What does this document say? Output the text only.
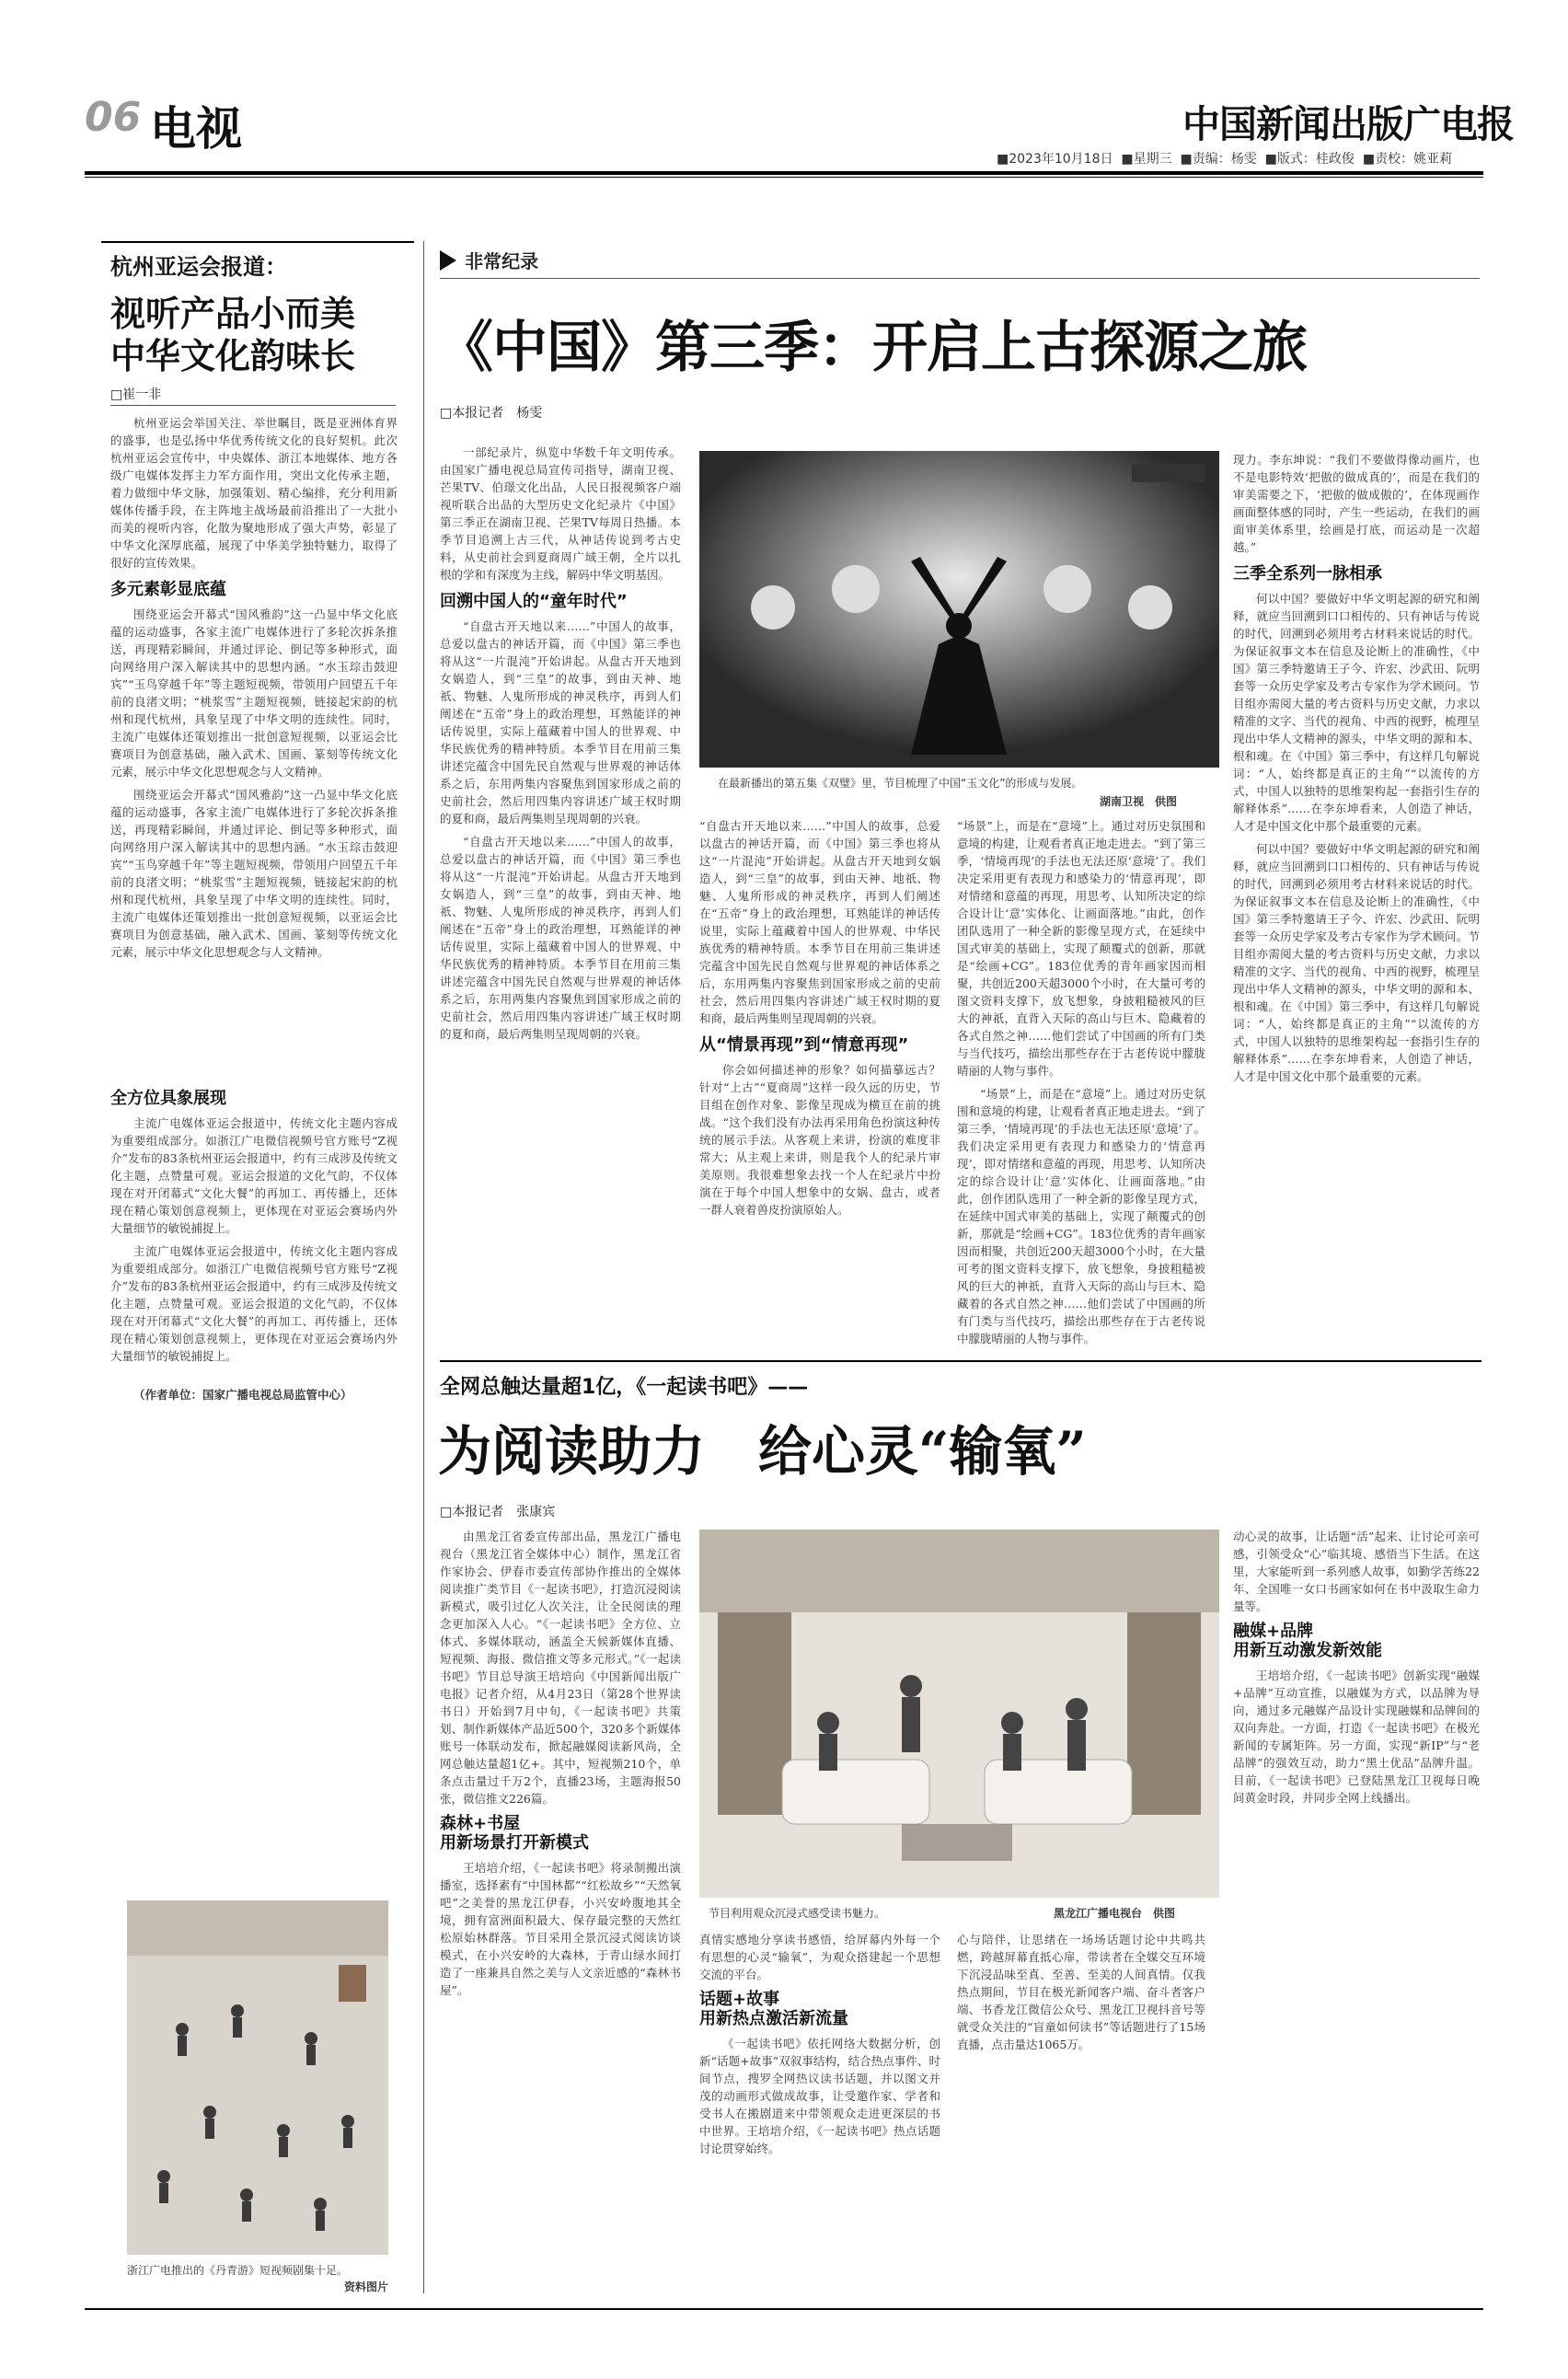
06 电视	中国新闻出版广电报
■2023年10月18日  ■星期三  ■责编：杨雯  ■版式：桂政俊  ■责校：姚亚莉
杭州亚运会报道：
视听产品小而美
中华文化韵味长
□崔一非

杭州亚运会举国关注、举世瞩目，既是亚洲体育界的盛事，也是弘扬中华优秀传统文化的良好契机。此次杭州亚运会宣传中，中央媒体、浙江本地媒体、地方各级广电媒体发挥主力军方面作用，突出文化传承主题，着力做细中华文脉，加强策划、精心编排，充分利用新媒体传播手段，在主阵地主战场最前沿推出了一大批小而美的视听内容，化散为聚地形成了强大声势，彰显了中华文化深厚底蕴，展现了中华美学独特魅力，取得了很好的宣传效果。

多元素彰显底蕴

围绕亚运会开幕式“国风雅韵”这一凸显中华文化底蕴的运动盛事，各家主流广电媒体进行了多轮次拆条推送，再现精彩瞬间，并通过评论、倒记等多种形式，面向网络用户深入解读其中的思想内涵。“水玉琮击鼓迎宾”“玉鸟穿越千年”等主题短视频，带领用户回望五千年前的良渚文明；“桃浆雪”主题短视频，链接起宋韵的杭州和现代杭州，具象呈现了中华文明的连续性。同时，主流广电媒体还策划推出一批创意短视频，以亚运会比赛项目为创意基础，融入武术、国画、篆刻等传统文化元素，展示中华文化思想观念与人文精神。

围绕亚运会开幕式“国风雅韵”这一凸显中华文化底蕴的运动盛事，各家主流广电媒体进行了多轮次拆条推送，再现精彩瞬间，并通过评论、倒记等多种形式，面向网络用户深入解读其中的思想内涵。“水玉琮击鼓迎宾”“玉鸟穿越千年”等主题短视频，带领用户回望五千年前的良渚文明；“桃浆雪”主题短视频，链接起宋韵的杭州和现代杭州，具象呈现了中华文明的连续性。同时，主流广电媒体还策划推出一批创意短视频，以亚运会比赛项目为创意基础，融入武术、国画、篆刻等传统文化元素，展示中华文化思想观念与人文精神。

全方位具象展现

主流广电媒体亚运会报道中，传统文化主题内容成为重要组成部分。如浙江广电微信视频号官方账号“Z视介”发布的83条杭州亚运会报道中，约有三成涉及传统文化主题，点赞量可观。亚运会报道的文化气韵，不仅体现在对开闭幕式“文化大餐”的再加工、再传播上，还体现在精心策划创意视频上，更体现在对亚运会赛场内外大量细节的敏锐捕捉上。

主流广电媒体亚运会报道中，传统文化主题内容成为重要组成部分。如浙江广电微信视频号官方账号“Z视介”发布的83条杭州亚运会报道中，约有三成涉及传统文化主题，点赞量可观。亚运会报道的文化气韵，不仅体现在对开闭幕式“文化大餐”的再加工、再传播上，还体现在精心策划创意视频上，更体现在对亚运会赛场内外大量细节的敏锐捕捉上。

（作者单位：国家广播电视总局监管中心）

浙江广电推出的《丹青游》短视频剧集十足。
资料图片
非常纪录
《中国》第三季：开启上古探源之旅
□本报记者　杨雯

一部纪录片，纵览中华数千年文明传承。由国家广播电视总局宣传司指导，湖南卫视、芒果TV、伯璟文化出品，人民日报视频客户端视听联合出品的大型历史文化纪录片《中国》第三季正在湖南卫视、芒果TV每周日热播。本季节目追溯上古三代，从神话传说到考古史料，从史前社会到夏商周广域王朝，全片以扎根的学和有深度为主线，解码中华文明基因。

回溯中国人的“童年时代”

“自盘古开天地以来……”中国人的故事，总爱以盘古的神话开篇，而《中国》第三季也将从这“一片混沌”开始讲起。从盘古开天地到女娲造人，到“三皇”的故事，到由天神、地祇、物魅、人鬼所形成的神灵秩序，再到人们阐述在“五帝”身上的政治理想，耳熟能详的神话传说里，实际上蕴藏着中国人的世界观、中华民族优秀的精神特质。本季节目在用前三集讲述完蕴含中国先民自然观与世界观的神话体系之后，东用两集内容聚焦到国家形成之前的史前社会，然后用四集内容讲述广域王权时期的夏和商，最后两集则呈现周朝的兴衰。

“自盘古开天地以来……”中国人的故事，总爱以盘古的神话开篇，而《中国》第三季也将从这“一片混沌”开始讲起。从盘古开天地到女娲造人，到“三皇”的故事，到由天神、地祇、物魅、人鬼所形成的神灵秩序，再到人们阐述在“五帝”身上的政治理想，耳熟能详的神话传说里，实际上蕴藏着中国人的世界观、中华民族优秀的精神特质。本季节目在用前三集讲述完蕴含中国先民自然观与世界观的神话体系之后，东用两集内容聚焦到国家形成之前的史前社会，然后用四集内容讲述广域王权时期的夏和商，最后两集则呈现周朝的兴衰。

在最新播出的第五集《双璧》里，节目梳理了中国“玉文化”的形成与发展。
湖南卫视　供图

“自盘古开天地以来……”中国人的故事，总爱以盘古的神话开篇，而《中国》第三季也将从这“一片混沌”开始讲起。从盘古开天地到女娲造人，到“三皇”的故事，到由天神、地祇、物魅、人鬼所形成的神灵秩序，再到人们阐述在“五帝”身上的政治理想，耳熟能详的神话传说里，实际上蕴藏着中国人的世界观、中华民族优秀的精神特质。本季节目在用前三集讲述完蕴含中国先民自然观与世界观的神话体系之后，东用两集内容聚焦到国家形成之前的史前社会，然后用四集内容讲述广域王权时期的夏和商，最后两集则呈现周朝的兴衰。

从“情景再现”到“情意再现”

你会如何描述神的形象？如何描摹远古？针对“上古”“夏商周”这样一段久远的历史，节目组在创作对象、影像呈现成为横亘在前的挑战。“这个我们没有办法再采用角色扮演这种传统的展示手法。从客观上来讲，扮演的难度非常大；从主观上来讲，则是我个人的纪录片审美原则。我很难想象去找一个人在纪录片中扮演在于每个中国人想象中的女娲、盘古，或者一群人衰着兽皮扮演原始人。

“场景”上，而是在“意境”上。通过对历史氛围和意境的构建，让观看者真正地走进去。“到了第三季，‘情境再现’的手法也无法还原‘意境’了。我们决定采用更有表现力和感染力的‘情意再现’，即对情绪和意蕴的再现，用思考、认知所决定的综合设计让‘意’实体化、让画面落地。”由此，创作团队选用了一种全新的影像呈现方式，在延续中国式审美的基础上，实现了颠覆式的创新，那就是“绘画+CG”。183位优秀的青年画家因而相聚，共创近200天超3000个小时，在大量可考的图文资料支撑下，放飞想象，身披粗糙被风的巨大的神祇，直背入天际的高山与巨木、隐藏着的各式自然之神……他们尝试了中国画的所有门类与当代技巧，描绘出那些存在于古老传说中朦胧晴丽的人物与事件。

“场景”上，而是在“意境”上。通过对历史氛围和意境的构建，让观看者真正地走进去。“到了第三季，‘情境再现’的手法也无法还原‘意境’了。我们决定采用更有表现力和感染力的‘情意再现’，即对情绪和意蕴的再现，用思考、认知所决定的综合设计让‘意’实体化、让画面落地。”由此，创作团队选用了一种全新的影像呈现方式，在延续中国式审美的基础上，实现了颠覆式的创新，那就是“绘画+CG”。183位优秀的青年画家因而相聚，共创近200天超3000个小时，在大量可考的图文资料支撑下，放飞想象，身披粗糙被风的巨大的神祇，直背入天际的高山与巨木、隐藏着的各式自然之神……他们尝试了中国画的所有门类与当代技巧，描绘出那些存在于古老传说中朦胧晴丽的人物与事件。

现力。李东坤说：“我们不要做得像动画片，也不是电影特效‘把傲的做成真的’，而是在我们的审美需要之下，‘把傲的做成傲的’，在体现画作画面整体感的同时，产生一些运动，在我们的画面审美体系里，绘画是打底，而运动是一次超越。”

三季全系列一脉相承

何以中国？要做好中华文明起源的研究和阐释，就应当回溯到口口相传的、只有神话与传说的时代，回溯到必须用考古材料来说话的时代。为保证叙事文本在信息及论断上的准确性，《中国》第三季特邀请王子今、许宏、沙武田、阮明套等一众历史学家及考古专家作为学术顾问。节目组亦需阅大量的考古资料与历史文献，力求以精准的文字、当代的视角、中西的视野，梳理呈现出中华人文精神的源头，中华文明的源和本、根和魂。在《中国》第三季中，有这样几句解说词：“人，始终都是真正的主角”“以流传的方式，中国人以独特的思维架构起一套指引生存的解释体系”……在李东坤看来，人创造了神话，人才是中国文化中那个最重要的元素。

何以中国？要做好中华文明起源的研究和阐释，就应当回溯到口口相传的、只有神话与传说的时代，回溯到必须用考古材料来说话的时代。为保证叙事文本在信息及论断上的准确性，《中国》第三季特邀请王子今、许宏、沙武田、阮明套等一众历史学家及考古专家作为学术顾问。节目组亦需阅大量的考古资料与历史文献，力求以精准的文字、当代的视角、中西的视野，梳理呈现出中华人文精神的源头，中华文明的源和本、根和魂。在《中国》第三季中，有这样几句解说词：“人，始终都是真正的主角”“以流传的方式，中国人以独特的思维架构起一套指引生存的解释体系”……在李东坤看来，人创造了神话，人才是中国文化中那个最重要的元素。

全网总触达量超1亿，《一起读书吧》——
为阅读助力　给心灵“输氧”
□本报记者　张康宾

由黑龙江省委宣传部出品，黑龙江广播电视台（黑龙江省全媒体中心）制作，黑龙江省作家协会、伊春市委宣传部协作推出的全媒体阅读推广类节目《一起读书吧》，打造沉浸阅读新模式，吸引过亿人次关注，让全民阅读的理念更加深入人心。“《一起读书吧》全方位、立体式、多媒体联动，涵盖全天候新媒体直播、短视频、海报、微信推文等多元形式。”《一起读书吧》节目总导演王培培向《中国新闻出版广电报》记者介绍，从4月23日（第28个世界读书日）开始到7月中旬，《一起读书吧》共策划、制作新媒体产品近500个，320多个新媒体账号一体联动发布，掀起融媒阅读新风尚，全网总触达量超1亿+。其中，短视频210个，单条点击量过千万2个，直播23场，主题海报50张，微信推文226篇。

森林+书屋
用新场景打开新模式

王培培介绍，《一起读书吧》将录制搬出演播室，选择素有“中国林都”“红松故乡”“天然氧吧”之美誉的黑龙江伊春，小兴安岭腹地其全境，拥有富洲面积最大、保存最完整的天然红松原始林群落。节目采用全景沉浸式阅读访谈模式，在小兴安岭的大森林，于青山绿水间打造了一座兼具自然之美与人文亲近感的“森林书屋”。

节目利用观众沉浸式感受读书魅力。	黑龙江广播电视台　供图

真情实感地分享读书感悟，给屏幕内外每一个有思想的心灵“输氧”，为观众搭建起一个思想交流的平台。

话题+故事
用新热点激活新流量

《一起读书吧》依托网络大数据分析，创新“话题+故事”双叙事结构，结合热点事件、时间节点，搜罗全网热议读书话题，并以图文并茂的动画形式做成故事，让受邀作家、学者和受书人在搬剧道来中带领观众走进更深层的书中世界。王培培介绍，《一起读书吧》热点话题讨论贯穿始终。

心与陪伴，让思绪在一场场话题讨论中共鸣共燃，跨越屏幕直抵心扉，带读者在全媒交互环境下沉浸品味至真、至善、至美的人间真情。仅我热点期间，节目在极光新闻客户端、奋斗者客户端、书香龙江微信公众号、黑龙江卫视抖音号等就受众关注的“盲童如何读书”等话题进行了15场直播，点击量达1065万。

动心灵的故事，让话题“活”起来、让讨论可亲可感，引领受众“心”临其境、感悟当下生活。在这里，大家能听到一系列感人故事，如勤学苦练22年、全国唯一女口书画家如何在书中汲取生命力量等。

融媒+品牌
用新互动激发新效能

王培培介绍，《一起读书吧》创新实现“融媒+品牌”互动宣推，以融媒为方式，以品牌为导向，通过多元融媒产品设计实现融媒和品牌间的双向奔赴。一方面，打造《一起读书吧》在极光新闻的专属矩阵。另一方面，实现“新IP”与“老品牌”的强效互动，助力“黑土优品”品牌升温。目前，《一起读书吧》已登陆黑龙江卫视每日晚间黄金时段，并同步全网上线播出。
